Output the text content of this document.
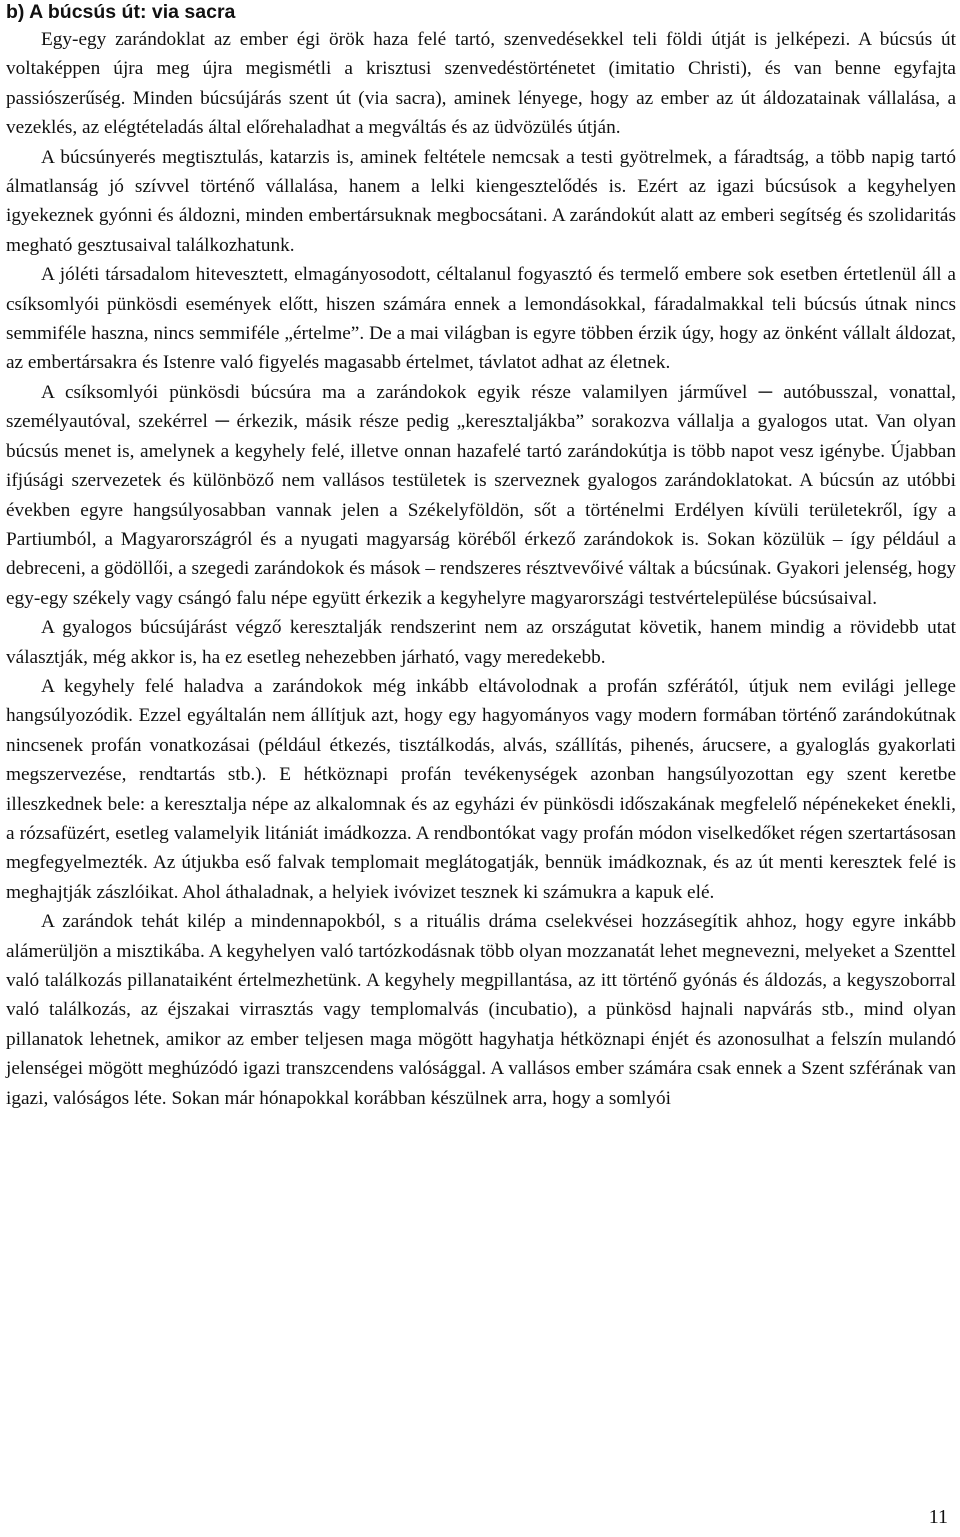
b) A búcsús út: via sacra

Egy-egy zarándoklat az ember égi örök haza felé tartó, szenvedésekkel teli földi útját is jelképezi. A búcsús út voltaképpen újra meg újra megismétli a krisztusi szenvedéstörténetet (imitatio Christi), és van benne egyfajta passiószerűség. Minden búcsújárás szent út (via sacra), aminek lényege, hogy az ember az út áldozatainak vállalása, a vezeklés, az elégtételadás által előrehaladhat a megváltás és az üdvözülés útján.

A búcsúnyerés megtisztulás, katarzis is, aminek feltétele nemcsak a testi gyötrelmek, a fáradtság, a több napig tartó álmatlanság jó szívvel történő vállalása, hanem a lelki kiengesztelődés is. Ezért az igazi búcsúsok a kegyhelyen igyekeznek gyónni és áldozni, minden embertársuknak megbocsátani. A zarándokút alatt az emberi segítség és szolidaritás megható gesztusaival találkozhatunk.

A jóléti társadalom hitevesztett, elmagányosodott, céltalanul fogyasztó és termelő embere sok esetben értetlenül áll a csíksomlyói pünkösdi események előtt, hiszen számára ennek a lemondásokkal, fáradalmakkal teli búcsús útnak nincs semmiféle haszna, nincs semmiféle „értelme”. De a mai világban is egyre többen érzik úgy, hogy az önként vállalt áldozat, az embertársakra és Istenre való figyelés magasabb értelmet, távlatot adhat az életnek.

A csíksomlyói pünkösdi búcsúra ma a zarándokok egyik része valamilyen járművel ─ autóbusszal, vonattal, személyautóval, szekérrel ─ érkezik, másik része pedig „keresztaljákba” sorakozva vállalja a gyalogos utat. Van olyan búcsús menet is, amelynek a kegyhely felé, illetve onnan hazafelé tartó zarándokútja is több napot vesz igénybe. Újabban ifjúsági szervezetek és különböző nem vallásos testületek is szerveznek gyalogos zarándoklatokat. A búcsún az utóbbi években egyre hangsúlyosabban vannak jelen a Székelyföldön, sőt a történelmi Erdélyen kívüli területekről, így a Partiumból, a Magyarországról és a nyugati magyarság köréből érkező zarándokok is. Sokan közülük – így például a debreceni, a gödöllői, a szegedi zarándokok és mások – rendszeres résztvevőivé váltak a búcsúnak. Gyakori jelenség, hogy egy-egy székely vagy csángó falu népe együtt érkezik a kegyhelyre magyarországi testvértelepülése búcsúsaival.

A gyalogos búcsújárást végző keresztalják rendszerint nem az országutat követik, hanem mindig a rövidebb utat választják, még akkor is, ha ez esetleg nehezebben járható, vagy meredekebb.

A kegyhely felé haladva a zarándokok még inkább eltávolodnak a profán szférától, útjuk nem evilági jellege hangsúlyozódik. Ezzel egyáltalán nem állítjuk azt, hogy egy hagyományos vagy modern formában történő zarándokútnak nincsenek profán vonatkozásai (például étkezés, tisztálkodás, alvás, szállítás, pihenés, árucsere, a gyaloglás gyakorlati megszervezése, rendtartás stb.). E hétköznapi profán tevékenységek azonban hangsúlyozottan egy szent keretbe illeszkednek bele: a keresztalja népe az alkalomnak és az egyházi év pünkösdi időszakának megfelelő népénekeket énekli, a rózsafüzért, esetleg valamelyik litániát imádkozza. A rendbontókat vagy profán módon viselkedőket régen szertartásosan megfegyelmezték. Az útjukba eső falvak templomait meglátogatják, bennük imádkoznak, és az út menti keresztek felé is meghajtják zászlóikat. Ahol áthaladnak, a helyiek ivóvizet tesznek ki számukra a kapuk elé.

A zarándok tehát kilép a mindennapokból, s a rituális dráma cselekvései hozzásegítik ahhoz, hogy egyre inkább alámerüljön a misztikába. A kegyhelyen való tartózkodásnak több olyan mozzanatát lehet megnevezni, melyeket a Szenttel való találkozás pillanataiként értelmezhetünk. A kegyhely megpillantása, az itt történő gyónás és áldozás, a kegyszoborral való találkozás, az éjszakai virrasztás vagy templomalvás (incubatio), a pünkösd hajnali napvárás stb., mind olyan pillanatok lehetnek, amikor az ember teljesen maga mögött hagyhatja hétköznapi énjét és azonosulhat a felszín mulandó jelenségei mögött meghúzódó igazi transzcendens valósággal. A vallásos ember számára csak ennek a Szent szférának van igazi, valóságos léte. Sokan már hónapokkal korábban készülnek arra, hogy a somlyói

11
